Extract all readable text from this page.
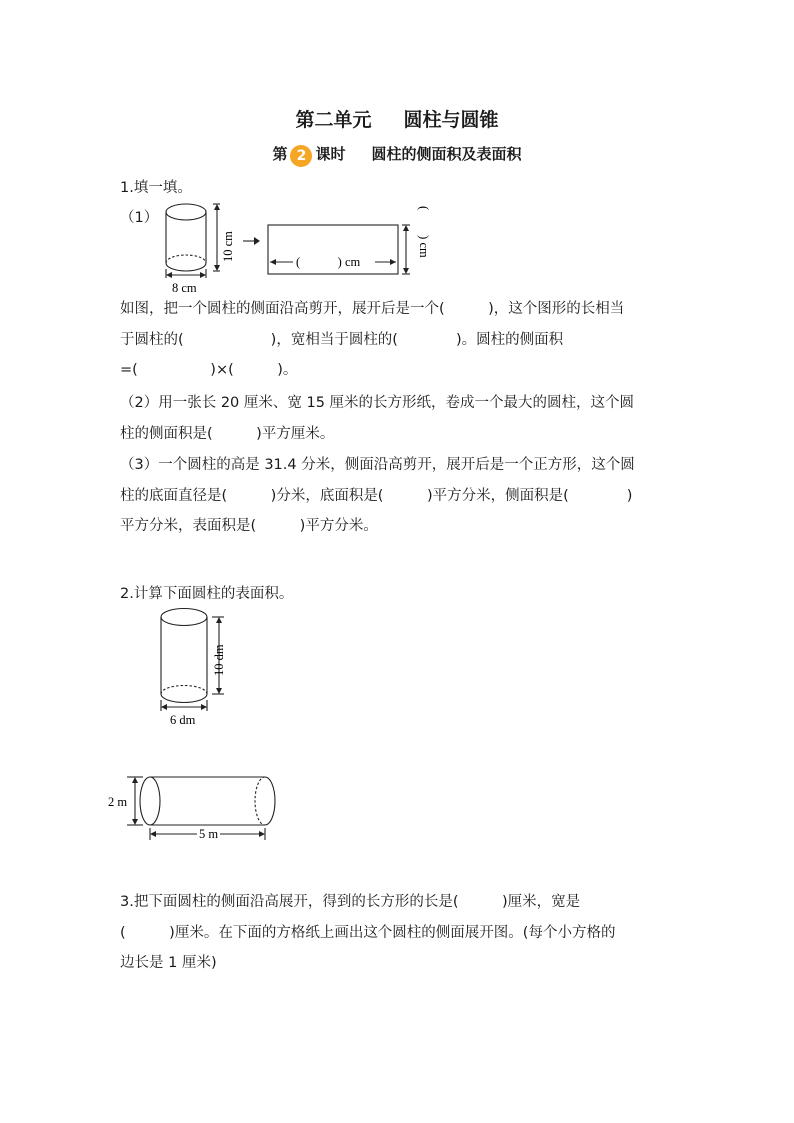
第二单元 圆柱与圆锥
第 2 课时 圆柱的侧面积及表面积
1.填一填。
（1）
10 cm
8 cm
(　　　) cm
(　　) cm
如图，把一个圆柱的侧面沿高剪开，展开后是一个(　　　)，这个图形的长相当
于圆柱的(　　　　　　)，宽相当于圆柱的(　　　　)。圆柱的侧面积
=(　　　　　)×(　　　)。
（2）用一张长 20 厘米、宽 15 厘米的长方形纸，卷成一个最大的圆柱，这个圆
柱的侧面积是(　　　)平方厘米。
（3）一个圆柱的高是 31.4 分米，侧面沿高剪开，展开后是一个正方形，这个圆
柱的底面直径是(　　　)分米，底面积是(　　　)平方分米，侧面积是(　　　　)
平方分米，表面积是(　　　)平方分米。
2.计算下面圆柱的表面积。
10 dm
6 dm
2 m
5 m
3.把下面圆柱的侧面沿高展开，得到的长方形的长是(　　　)厘米，宽是
(　　　)厘米。在下面的方格纸上画出这个圆柱的侧面展开图。(每个小方格的
边长是 1 厘米)
